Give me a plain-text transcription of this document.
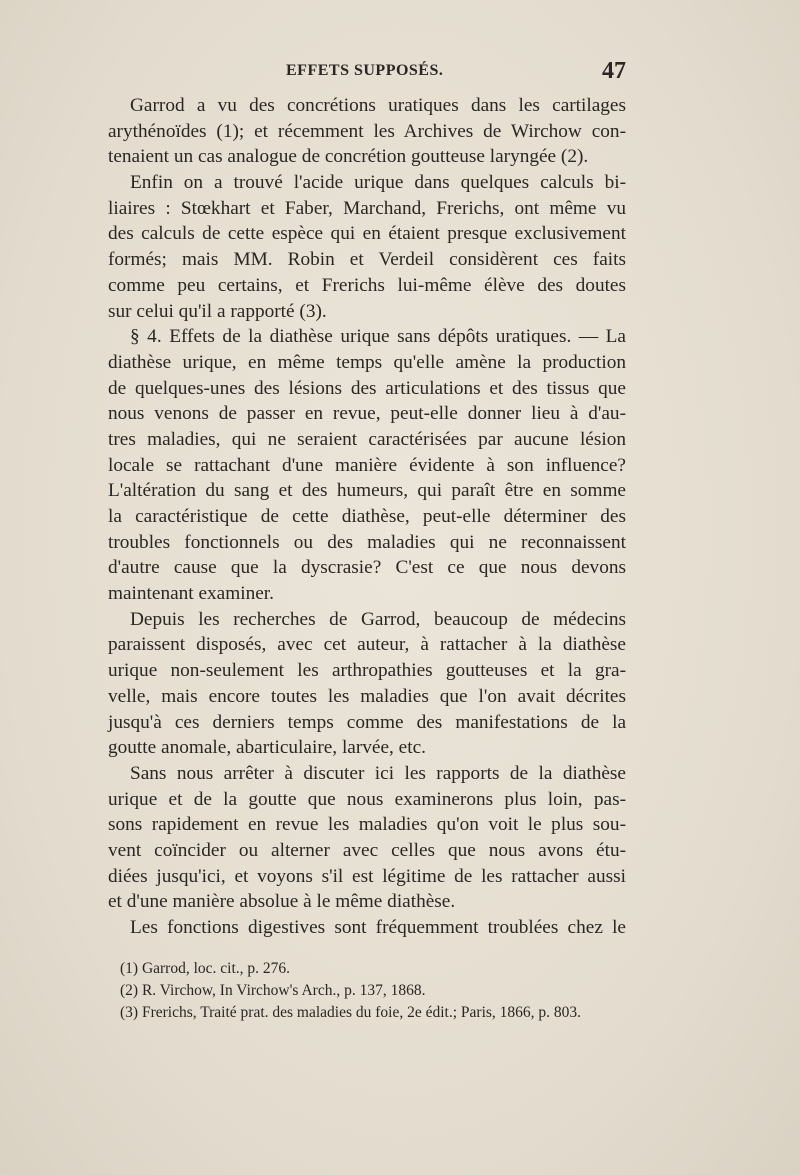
EFFETS SUPPOSÉS.	47
Garrod a vu des concrétions uratiques dans les cartilages
arythénoïdes (1); et récemment les Archives de Wirchow con-
tenaient un cas analogue de concrétion goutteuse laryngée (2).
Enfin on a trouvé l'acide urique dans quelques calculs bi-
liaires : Stœkhart et Faber, Marchand, Frerichs, ont même vu
des calculs de cette espèce qui en étaient presque exclusivement
formés; mais MM. Robin et Verdeil considèrent ces faits
comme peu certains, et Frerichs lui-même élève des doutes
sur celui qu'il a rapporté (3).
§ 4. Effets de la diathèse urique sans dépôts uratiques. — La
diathèse urique, en même temps qu'elle amène la production
de quelques-unes des lésions des articulations et des tissus que
nous venons de passer en revue, peut-elle donner lieu à d'au-
tres maladies, qui ne seraient caractérisées par aucune lésion
locale se rattachant d'une manière évidente à son influence?
L'altération du sang et des humeurs, qui paraît être en somme
la caractéristique de cette diathèse, peut-elle déterminer des
troubles fonctionnels ou des maladies qui ne reconnaissent
d'autre cause que la dyscrasie? C'est ce que nous devons
maintenant examiner.
Depuis les recherches de Garrod, beaucoup de médecins
paraissent disposés, avec cet auteur, à rattacher à la diathèse
urique non-seulement les arthropathies goutteuses et la gra-
velle, mais encore toutes les maladies que l'on avait décrites
jusqu'à ces derniers temps comme des manifestations de la
goutte anomale, abarticulaire, larvée, etc.
Sans nous arrêter à discuter ici les rapports de la diathèse
urique et de la goutte que nous examinerons plus loin, pas-
sons rapidement en revue les maladies qu'on voit le plus sou-
vent coïncider ou alterner avec celles que nous avons étu-
diées jusqu'ici, et voyons s'il est légitime de les rattacher aussi
et d'une manière absolue à le même diathèse.
Les fonctions digestives sont fréquemment troublées chez le
(1) Garrod, loc. cit., p. 276.
(2) R. Virchow, In Virchow's Arch., p. 137, 1868.
(3) Frerichs, Traité prat. des maladies du foie, 2e édit.; Paris, 1866, p. 803.
